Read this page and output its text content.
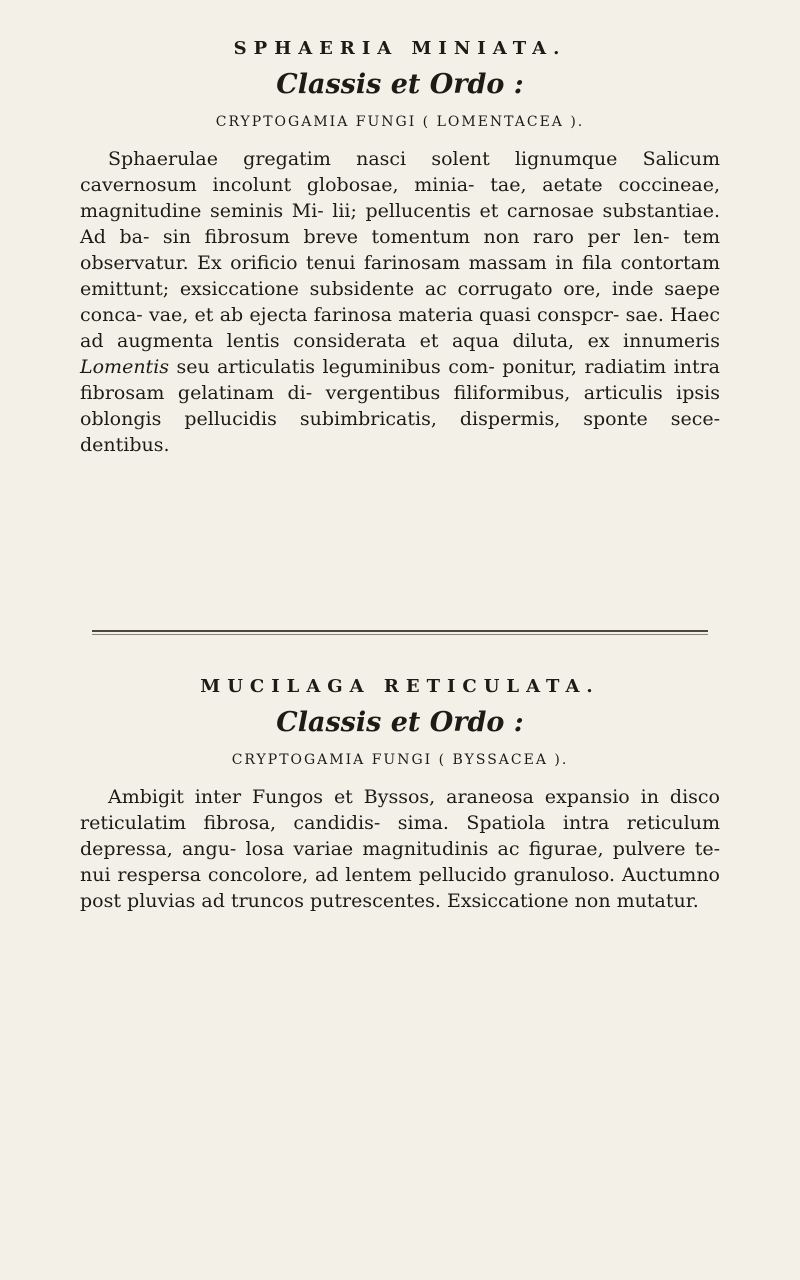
SPHAERIA MINIATA.

Classis et Ordo :

CRYPTOGAMIA FUNGI ( LOMENTACEA ).

Sphaerulae gregatim nasci solent lignumque Salicum cavernosum incolunt globosae, minia- tae, aetate coccineae, magnitudine seminis Mi- lii; pellucentis et carnosae substantiae. Ad ba- sin fibrosum breve tomentum non raro per len- tem observatur. Ex orificio tenui farinosam massam in fila contortam emittunt; exsiccatione subsidente ac corrugato ore, inde saepe conca- vae, et ab ejecta farinosa materia quasi conspcr- sae. Haec ad augmenta lentis considerata et aqua diluta, ex innumeris Lomentis seu articulatis leguminibus com- ponitur, radiatim intra fibrosam gelatinam di- vergentibus filiformibus, articulis ipsis oblongis pellucidis subimbricatis, dispermis, sponte sece- dentibus.

MUCILAGA RETICULATA.

Classis et Ordo :

CRYPTOGAMIA FUNGI ( BYSSACEA ).

Ambigit inter Fungos et Byssos, araneosa expansio in disco reticulatim fibrosa, candidis- sima. Spatiola intra reticulum depressa, angu- losa variae magnitudinis ac figurae, pulvere te- nui respersa concolore, ad lentem pellucido granuloso. Auctumno post pluvias ad truncos putrescentes. Exsiccatione non mutatur.
